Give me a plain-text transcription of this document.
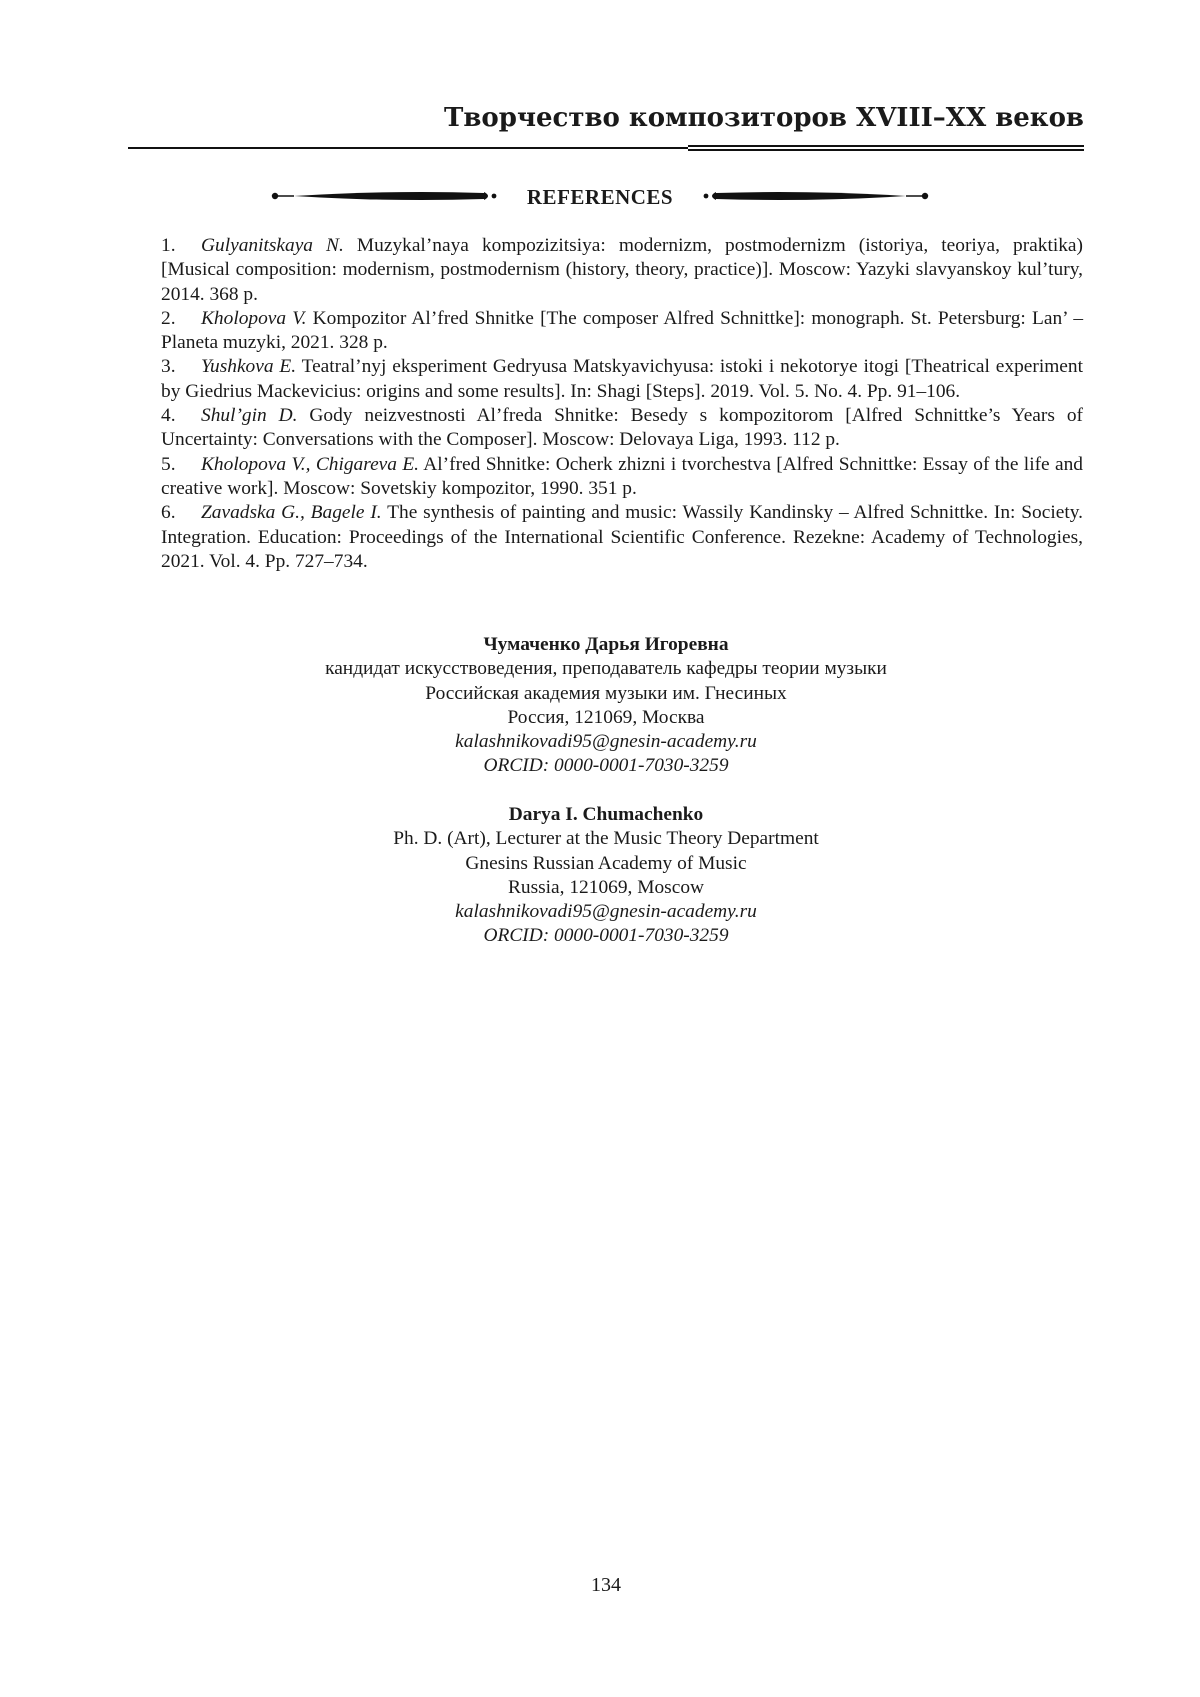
Творчество композиторов XVIII–XX веков
REFERENCES

1. Gulyanitskaya N. Muzykal’naya kompozizitsiya: modernizm, postmodernizm (istoriya, teoriya, praktika) [Musical composition: modernism, postmodernism (history, theory, practice)]. Moscow: Yazyki slavyanskoy kul’tury, 2014. 368 p.

2. Kholopova V. Kompozitor Al’fred Shnitke [The composer Alfred Schnittke]: monograph. St. Petersburg: Lan’ – Planeta muzyki, 2021. 328 p.

3. Yushkova E. Teatral’nyj eksperiment Gedryusa Matskyavichyusa: istoki i nekotorye itogi [Theatrical experiment by Giedrius Mackevicius: origins and some results]. In: Shagi [Steps]. 2019. Vol. 5. No. 4. Pp. 91–106.

4. Shul’gin D. Gody neizvestnosti Al’freda Shnitke: Besedy s kompozitorom [Alfred Schnittke’s Years of Uncertainty: Conversations with the Composer]. Moscow: Delovaya Liga, 1993. 112 p.

5. Kholopova V., Chigareva E. Al’fred Shnitke: Ocherk zhizni i tvorchestva [Alfred Schnittke: Essay of the life and creative work]. Moscow: Sovetskiy kompozitor, 1990. 351 p.

6. Zavadska G., Bagele I. The synthesis of painting and music: Wassily Kandinsky – Alfred Schnittke. In: Society. Integration. Education: Proceedings of the International Scientific Conference. Rezekne: Academy of Technologies, 2021. Vol. 4. Pp. 727–734.

Чумаченко Дарья Игоревна
кандидат искусствоведения, преподаватель кафедры теории музыки
Российская академия музыки им. Гнесиных
Россия, 121069, Москва
kalashnikovadi95@gnesin-academy.ru
ORCID: 0000-0001-7030-3259
Darya I. Chumachenko
Ph. D. (Art), Lecturer at the Music Theory Department
Gnesins Russian Academy of Music
Russia, 121069, Moscow
kalashnikovadi95@gnesin-academy.ru
ORCID: 0000-0001-7030-3259
134
